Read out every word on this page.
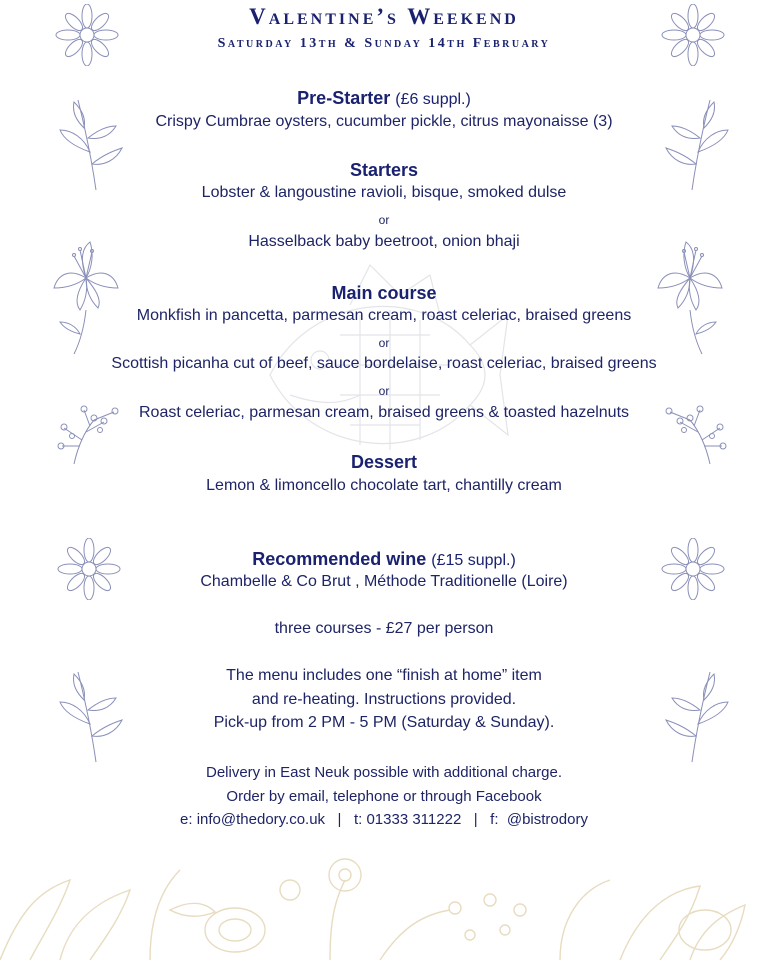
Valentine’s Weekend
Saturday 13th & Sunday 14th February
Pre-Starter (£6 suppl.)
Crispy Cumbrae oysters, cucumber pickle, citrus mayonaisse (3)
Starters
Lobster & langoustine ravioli, bisque, smoked dulse
or
Hasselback baby beetroot, onion bhaji
Main course
Monkfish in pancetta, parmesan cream, roast celeriac, braised greens
or
Scottish picanha cut of beef, sauce bordelaise, roast celeriac, braised greens
or
Roast celeriac, parmesan cream, braised greens & toasted hazelnuts
Dessert
Lemon & limoncello chocolate tart, chantilly cream
Recommended wine (£15 suppl.)
Chambelle & Co Brut , Méthode Traditionelle (Loire)
three courses - £27 per person
The menu includes one “finish at home” item
and re-heating. Instructions provided.
Pick-up from 2 PM - 5 PM (Saturday & Sunday).
Delivery in East Neuk possible with additional charge.
Order by email, telephone or through Facebook
e: info@thedory.co.uk   |   t: 01333 311222   |   f:  @bistrodory
